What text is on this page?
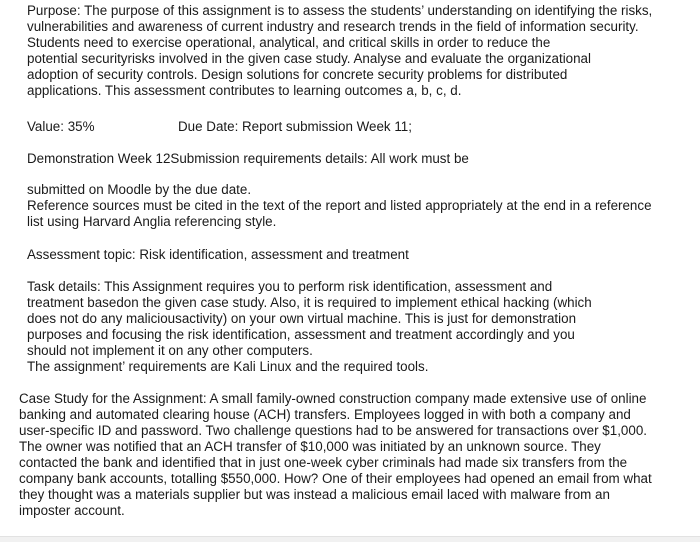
Purpose: The purpose of this assignment is to assess the students’ understanding on identifying the risks,

vulnerabilities and awareness of current industry and research trends in the field of information security.

Students need to exercise operational, analytical, and critical skills in order to reduce the

potential securityrisks involved in the given case study. Analyse and evaluate the organizational

adoption of security controls. Design solutions for concrete security problems for distributed

applications. This assessment contributes to learning outcomes a, b, c, d.

Value: 35%	Due Date: Report submission Week 11;

Demonstration Week 12Submission requirements details: All work must be

submitted on Moodle by the due date.

Reference sources must be cited in the text of the report and listed appropriately at the end in a reference

list using Harvard Anglia referencing style.

Assessment topic: Risk identification, assessment and treatment

Task details: This Assignment requires you to perform risk identification, assessment and

treatment basedon the given case study. Also, it is required to implement ethical hacking (which

does not do any maliciousactivity) on your own virtual machine. This is just for demonstration

purposes and focusing the risk identification, assessment and treatment accordingly and you

should not implement it on any other computers.

The assignment’ requirements are Kali Linux and the required tools.

Case Study for the Assignment: A small family-owned construction company made extensive use of online

banking and automated clearing house (ACH) transfers. Employees logged in with both a company and

user-specific ID and password. Two challenge questions had to be answered for transactions over $1,000.

The owner was notified that an ACH transfer of $10,000 was initiated by an unknown source. They

contacted the bank and identified that in just one-week cyber criminals had made six transfers from the

company bank accounts, totalling $550,000. How? One of their employees had opened an email from what

they thought was a materials supplier but was instead a malicious email laced with malware from an

imposter account.
